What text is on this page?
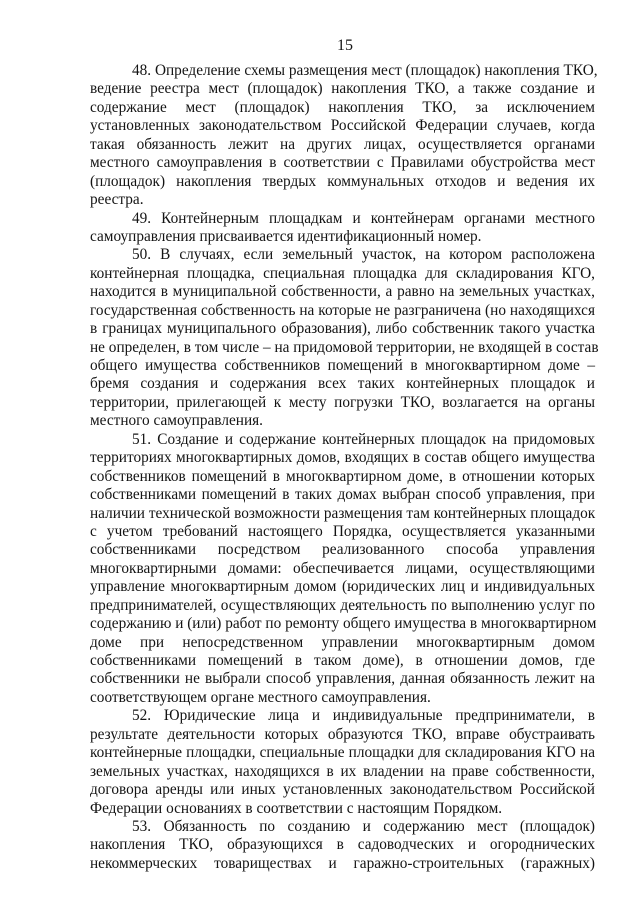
15
48. Определение схемы размещения мест (площадок) накопления ТКО,
ведение реестра мест (площадок) накопления ТКО, а также создание и
содержание мест (площадок) накопления ТКО, за исключением
установленных законодательством Российской Федерации случаев, когда
такая обязанность лежит на других лицах, осуществляется органами
местного самоуправления в соответствии с Правилами обустройства мест
(площадок) накопления твердых коммунальных отходов и ведения их
реестра.
49. Контейнерным площадкам и контейнерам органами местного
самоуправления присваивается идентификационный номер.
50. В случаях, если земельный участок, на котором расположена
контейнерная площадка, специальная площадка для складирования КГО,
находится в муниципальной собственности, а равно на земельных участках,
государственная собственность на которые не разграничена (но находящихся
в границах муниципального образования), либо собственник такого участка
не определен, в том числе – на придомовой территории, не входящей в состав
общего имущества собственников помещений в многоквартирном доме –
бремя создания и содержания всех таких контейнерных площадок и
территории, прилегающей к месту погрузки ТКО, возлагается на органы
местного самоуправления.
51. Создание и содержание контейнерных площадок на придомовых
территориях многоквартирных домов, входящих в состав общего имущества
собственников помещений в многоквартирном доме, в отношении которых
собственниками помещений в таких домах выбран способ управления, при
наличии технической возможности размещения там контейнерных площадок
с учетом требований настоящего Порядка, осуществляется указанными
собственниками посредством реализованного способа управления
многоквартирными домами: обеспечивается лицами, осуществляющими
управление многоквартирным домом (юридических лиц и индивидуальных
предпринимателей, осуществляющих деятельность по выполнению услуг по
содержанию и (или) работ по ремонту общего имущества в многоквартирном
доме при непосредственном управлении многоквартирным домом
собственниками помещений в таком доме), в отношении домов, где
собственники не выбрали способ управления, данная обязанность лежит на
соответствующем органе местного самоуправления.
52. Юридические лица и индивидуальные предприниматели, в
результате деятельности которых образуются ТКО, вправе обустраивать
контейнерные площадки, специальные площадки для складирования КГО на
земельных участках, находящихся в их владении на праве собственности,
договора аренды или иных установленных законодательством Российской
Федерации основаниях в соответствии с настоящим Порядком.
53. Обязанность по созданию и содержанию мест (площадок)
накопления ТКО, образующихся в садоводческих и огороднических
некоммерческих товариществах и гаражно-строительных (гаражных)
